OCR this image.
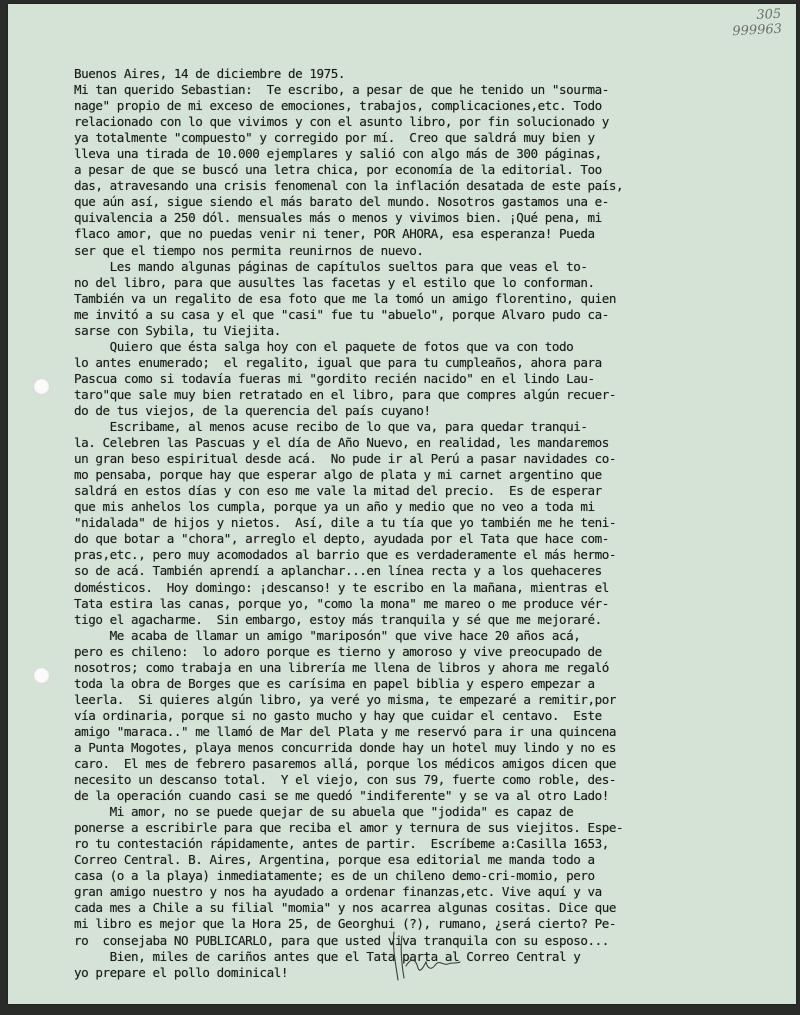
305
999963
Buenos Aires, 14 de diciembre de 1975.
Mi tan querido Sebastian:  Te escribo, a pesar de que he tenido un "sourma-
nage" propio de mi exceso de emociones, trabajos, complicaciones,etc. Todo
relacionado con lo que vivimos y con el asunto libro, por fin solucionado y
ya totalmente "compuesto" y corregido por mí.  Creo que saldrá muy bien y
lleva una tirada de 10.000 ejemplares y salió con algo más de 300 páginas,
a pesar de que se buscó una letra chica, por economía de la editorial. Too
das, atravesando una crisis fenomenal con la inflación desatada de este país,
que aún así, sigue siendo el más barato del mundo. Nosotros gastamos una e-
quivalencia a 250 dól. mensuales más o menos y vivimos bien. ¡Qué pena, mi
flaco amor, que no puedas venir ni tener, POR AHORA, esa esperanza! Pueda
ser que el tiempo nos permita reunirnos de nuevo.
Les mando algunas páginas de capítulos sueltos para que veas el to-
no del libro, para que ausultes las facetas y el estilo que lo conforman.
También va un regalito de esa foto que me la tomó un amigo florentino, quien
me invitó a su casa y el que "casi" fue tu "abuelo", porque Alvaro pudo ca-
sarse con Sybila, tu Viejita.
Quiero que ésta salga hoy con el paquete de fotos que va con todo
lo antes enumerado;  el regalito, igual que para tu cumpleaños, ahora para
Pascua como si todavía fueras mi "gordito recién nacido" en el lindo Lau-
taro"que sale muy bien retratado en el libro, para que compres algún recuer-
do de tus viejos, de la querencia del país cuyano!
Escribame, al menos acuse recibo de lo que va, para quedar tranqui-
la. Celebren las Pascuas y el día de Año Nuevo, en realidad, les mandaremos
un gran beso espiritual desde acá.  No pude ir al Perú a pasar navidades co-
mo pensaba, porque hay que esperar algo de plata y mi carnet argentino que
saldrá en estos días y con eso me vale la mitad del precio.  Es de esperar
que mis anhelos los cumpla, porque ya un año y medio que no veo a toda mi
"nidalada" de hijos y nietos.  Así, dile a tu tía que yo también me he teni-
do que botar a "chora", arreglo el depto, ayudada por el Tata que hace com-
pras,etc., pero muy acomodados al barrio que es verdaderamente el más hermo-
so de acá. También aprendí a aplanchar...en línea recta y a los quehaceres
domésticos.  Hoy domingo: ¡descanso! y te escribo en la mañana, mientras el
Tata estira las canas, porque yo, "como la mona" me mareo o me produce vér-
tigo el agacharme.  Sin embargo, estoy más tranquila y sé que me mejoraré.
Me acaba de llamar un amigo "mariposón" que vive hace 20 años acá,
pero es chileno:  lo adoro porque es tierno y amoroso y vive preocupado de
nosotros; como trabaja en una librería me llena de libros y ahora me regaló
toda la obra de Borges que es carísima en papel biblia y espero empezar a
leerla.  Si quieres algún libro, ya veré yo misma, te empezaré a remitir,por
vía ordinaria, porque si no gasto mucho y hay que cuidar el centavo.  Este
amigo "maraca.." me llamó de Mar del Plata y me reservó para ir una quincena
a Punta Mogotes, playa menos concurrida donde hay un hotel muy lindo y no es
caro.  El mes de febrero pasaremos allá, porque los médicos amigos dicen que
necesito un descanso total.  Y el viejo, con sus 79, fuerte como roble, des-
de la operación cuando casi se me quedó "indiferente" y se va al otro Lado!
Mi amor, no se puede quejar de su abuela que "jodida" es capaz de
ponerse a escribirle para que reciba el amor y ternura de sus viejitos. Espe-
ro tu contestación rápidamente, antes de partir.  Escríbeme a:Casilla 1653,
Correo Central. B. Aires, Argentina, porque esa editorial me manda todo a
casa (o a la playa) inmediatamente; es de un chileno demo-cri-momio, pero
gran amigo nuestro y nos ha ayudado a ordenar finanzas,etc. Vive aquí y va
cada mes a Chile a su filial "momia" y nos acarrea algunas cositas. Dice que
mi libro es mejor que la Hora 25, de Georghui (?), rumano, ¿será cierto? Pe-
ro  consejaba NO PUBLICARLO, para que usted viva tranquila con su esposo...
Bien, miles de cariños antes que el Tata parta al Correo Central y
yo prepare el pollo dominical!
